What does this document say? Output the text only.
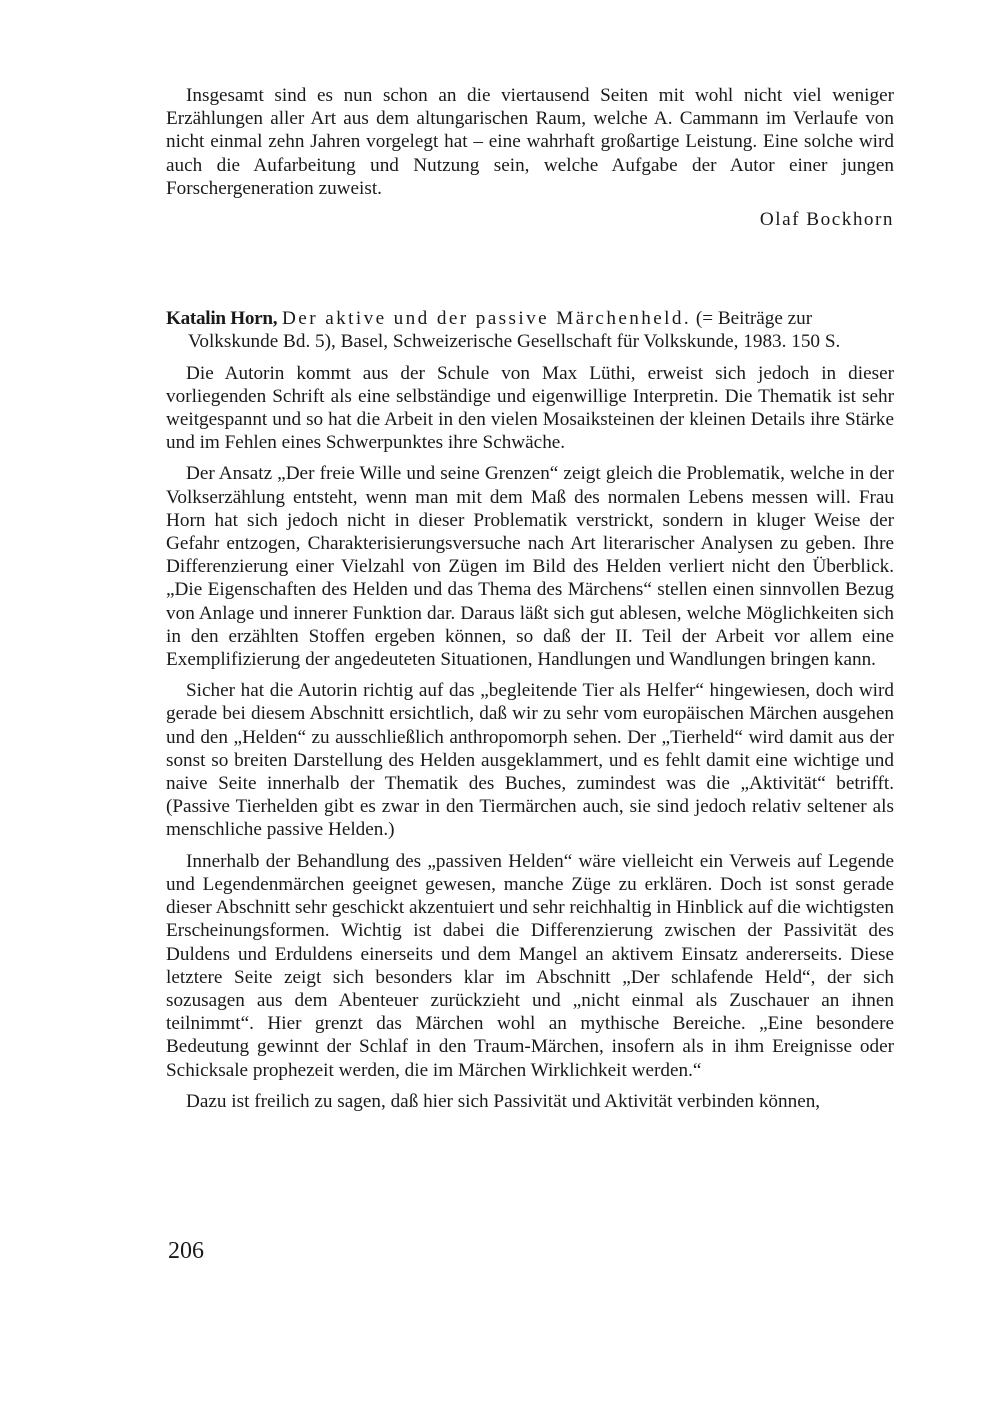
Insgesamt sind es nun schon an die viertausend Seiten mit wohl nicht viel weniger Erzählungen aller Art aus dem altungarischen Raum, welche A. Cammann im Verlaufe von nicht einmal zehn Jahren vorgelegt hat – eine wahrhaft großartige Leistung. Eine solche wird auch die Aufarbeitung und Nutzung sein, welche Aufgabe der Autor einer jungen Forschergeneration zuweist.

Olaf Bockhorn

Katalin Horn, Der aktive und der passive Märchenheld. (= Beiträge zur Volkskunde Bd. 5), Basel, Schweizerische Gesellschaft für Volkskunde, 1983. 150 S.

Die Autorin kommt aus der Schule von Max Lüthi, erweist sich jedoch in dieser vorliegenden Schrift als eine selbständige und eigenwillige Interpretin. Die Thematik ist sehr weitgespannt und so hat die Arbeit in den vielen Mosaiksteinen der kleinen Details ihre Stärke und im Fehlen eines Schwerpunktes ihre Schwäche.

Der Ansatz „Der freie Wille und seine Grenzen“ zeigt gleich die Problematik, welche in der Volkserzählung entsteht, wenn man mit dem Maß des normalen Lebens messen will. Frau Horn hat sich jedoch nicht in dieser Problematik verstrickt, sondern in kluger Weise der Gefahr entzogen, Charakterisierungsversuche nach Art literarischer Analysen zu geben. Ihre Differenzierung einer Vielzahl von Zügen im Bild des Helden verliert nicht den Überblick. „Die Eigenschaften des Helden und das Thema des Märchens“ stellen einen sinnvollen Bezug von Anlage und innerer Funktion dar. Daraus läßt sich gut ablesen, welche Möglichkeiten sich in den erzählten Stoffen ergeben können, so daß der II. Teil der Arbeit vor allem eine Exemplifizierung der angedeuteten Situationen, Handlungen und Wandlungen bringen kann.

Sicher hat die Autorin richtig auf das „begleitende Tier als Helfer“ hingewiesen, doch wird gerade bei diesem Abschnitt ersichtlich, daß wir zu sehr vom europäischen Märchen ausgehen und den „Helden“ zu ausschließlich anthropomorph sehen. Der „Tierheld“ wird damit aus der sonst so breiten Darstellung des Helden ausgeklammert, und es fehlt damit eine wichtige und naive Seite innerhalb der Thematik des Buches, zumindest was die „Aktivität“ betrifft. (Passive Tierhelden gibt es zwar in den Tiermärchen auch, sie sind jedoch relativ seltener als menschliche passive Helden.)

Innerhalb der Behandlung des „passiven Helden“ wäre vielleicht ein Verweis auf Legende und Legendenmärchen geeignet gewesen, manche Züge zu erklären. Doch ist sonst gerade dieser Abschnitt sehr geschickt akzentuiert und sehr reichhaltig in Hinblick auf die wichtigsten Erscheinungsformen. Wichtig ist dabei die Differenzierung zwischen der Passivität des Duldens und Erduldens einerseits und dem Mangel an aktivem Einsatz andererseits. Diese letztere Seite zeigt sich besonders klar im Abschnitt „Der schlafende Held“, der sich sozusagen aus dem Abenteuer zurückzieht und „nicht einmal als Zuschauer an ihnen teilnimmt“. Hier grenzt das Märchen wohl an mythische Bereiche. „Eine besondere Bedeutung gewinnt der Schlaf in den Traum-Märchen, insofern als in ihm Ereignisse oder Schicksale prophezeit werden, die im Märchen Wirklichkeit werden.“

Dazu ist freilich zu sagen, daß hier sich Passivität und Aktivität verbinden können,

206
